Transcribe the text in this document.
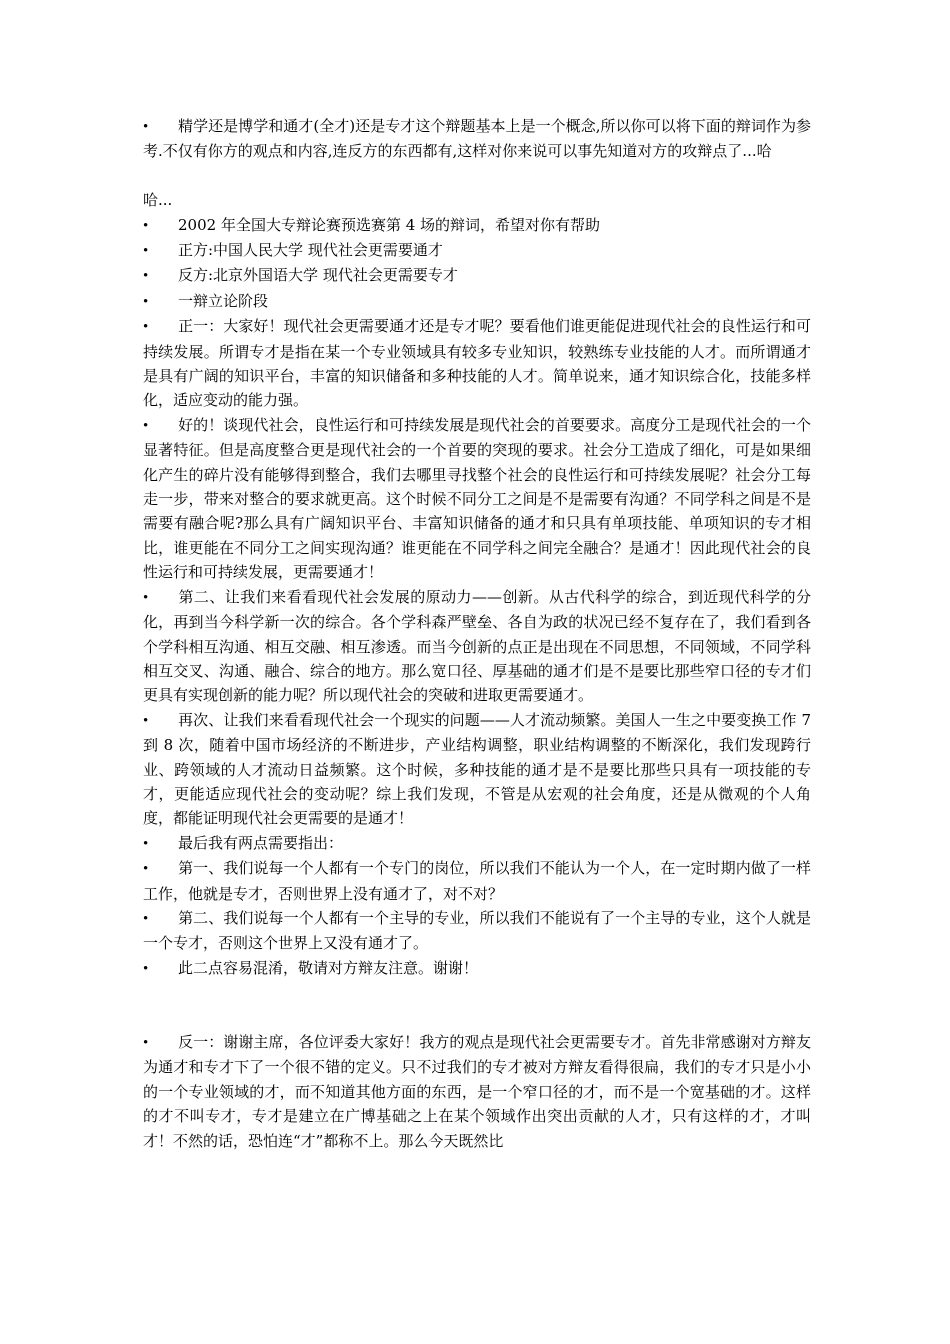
• 精学还是博学和通才(全才)还是专才这个辩题基本上是一个概念,所以你可以将下面的辩词作为参考.不仅有你方的观点和内容,连反方的东西都有,这样对你来说可以事先知道对方的攻辩点了...哈

哈...

• 2002 年全国大专辩论赛预选赛第 4 场的辩词，希望对你有帮助

• 正方:中国人民大学 现代社会更需要通才

• 反方:北京外国语大学 现代社会更需要专才

• 一辩立论阶段

• 正一：大家好！现代社会更需要通才还是专才呢？要看他们谁更能促进现代社会的良性运行和可持续发展。所谓专才是指在某一个专业领域具有较多专业知识，较熟练专业技能的人才。而所谓通才是具有广阔的知识平台，丰富的知识储备和多种技能的人才。简单说来，通才知识综合化，技能多样化，适应变动的能力强。

• 好的！谈现代社会，良性运行和可持续发展是现代社会的首要要求。高度分工是现代社会的一个显著特征。但是高度整合更是现代社会的一个首要的突现的要求。社会分工造成了细化，可是如果细化产生的碎片没有能够得到整合，我们去哪里寻找整个社会的良性运行和可持续发展呢？社会分工每走一步，带来对整合的要求就更高。这个时候不同分工之间是不是需要有沟通？不同学科之间是不是需要有融合呢?那么具有广阔知识平台、丰富知识储备的通才和只具有单项技能、单项知识的专才相比，谁更能在不同分工之间实现沟通？谁更能在不同学科之间完全融合？是通才！因此现代社会的良性运行和可持续发展，更需要通才！

• 第二、让我们来看看现代社会发展的原动力——创新。从古代科学的综合，到近现代科学的分化，再到当今科学新一次的综合。各个学科森严壁垒、各自为政的状况已经不复存在了，我们看到各个学科相互沟通、相互交融、相互渗透。而当今创新的点正是出现在不同思想，不同领域，不同学科相互交叉、沟通、融合、综合的地方。那么宽口径、厚基础的通才们是不是要比那些窄口径的专才们更具有实现创新的能力呢？所以现代社会的突破和进取更需要通才。

• 再次、让我们来看看现代社会一个现实的问题——人才流动频繁。美国人一生之中要变换工作 7 到 8 次，随着中国市场经济的不断进步，产业结构调整，职业结构调整的不断深化，我们发现跨行业、跨领域的人才流动日益频繁。这个时候，多种技能的通才是不是要比那些只具有一项技能的专才，更能适应现代社会的变动呢？综上我们发现，不管是从宏观的社会角度，还是从微观的个人角度，都能证明现代社会更需要的是通才！

• 最后我有两点需要指出：

• 第一、我们说每一个人都有一个专门的岗位，所以我们不能认为一个人，在一定时期内做了一样工作，他就是专才，否则世界上没有通才了，对不对？

• 第二、我们说每一个人都有一个主导的专业，所以我们不能说有了一个主导的专业，这个人就是一个专才，否则这个世界上又没有通才了。

• 此二点容易混淆，敬请对方辩友注意。谢谢！

• 反一：谢谢主席，各位评委大家好！我方的观点是现代社会更需要专才。首先非常感谢对方辩友为通才和专才下了一个很不错的定义。只不过我们的专才被对方辩友看得很扁，我们的专才只是小小的一个专业领域的才，而不知道其他方面的东西，是一个窄口径的才，而不是一个宽基础的才。这样的才不叫专才，专才是建立在广博基础之上在某个领域作出突出贡献的人才，只有这样的才，才叫才！不然的话，恐怕连“才”都称不上。那么今天既然比
